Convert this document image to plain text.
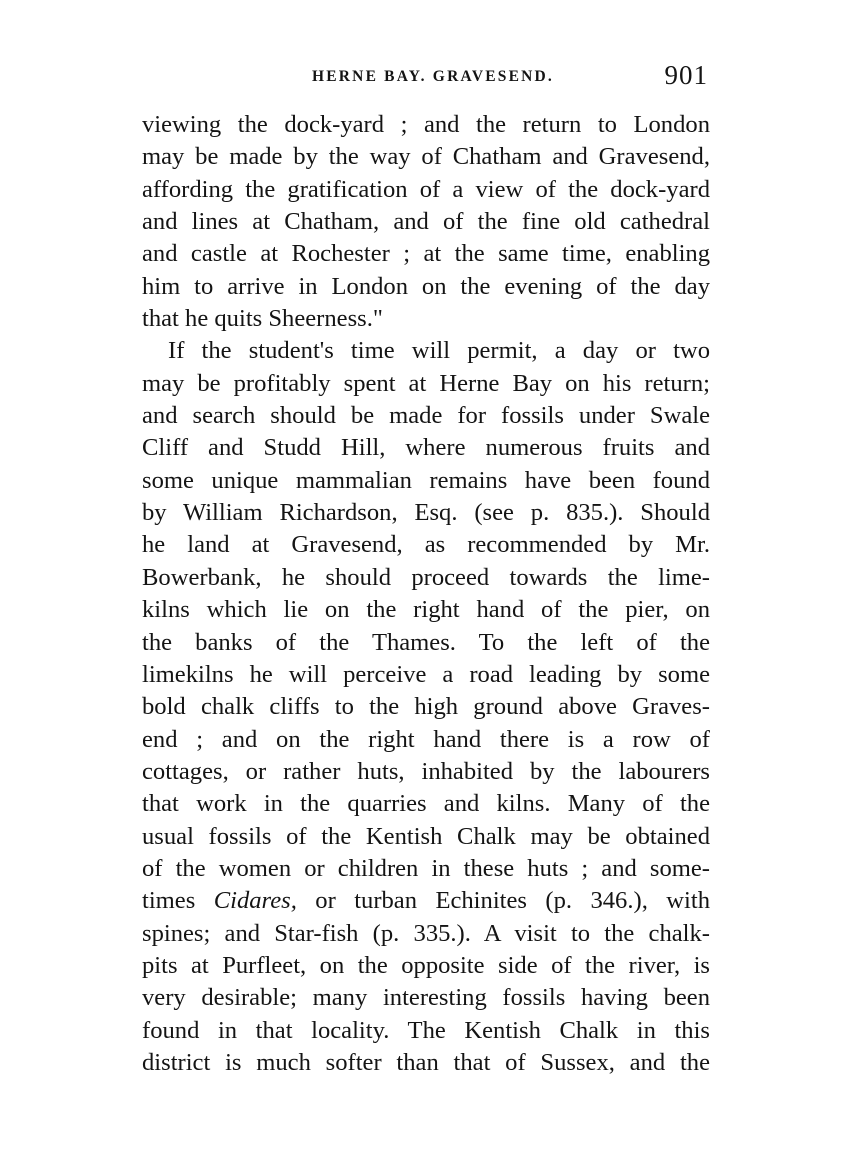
HERNE BAY. GRAVESEND.	901
viewing the dock-yard ; and the return to London
may be made by the way of Chatham and Gravesend,
affording the gratification of a view of the dock-yard
and lines at Chatham, and of the fine old cathedral
and castle at Rochester ; at the same time, enabling
him to arrive in London on the evening of the day
that he quits Sheerness."
If the student's time will permit, a day or two
may be profitably spent at Herne Bay on his return;
and search should be made for fossils under Swale
Cliff and Studd Hill, where numerous fruits and
some unique mammalian remains have been found
by William Richardson, Esq. (see p. 835.). Should
he land at Gravesend, as recommended by Mr.
Bowerbank, he should proceed towards the lime-
kilns which lie on the right hand of the pier, on
the banks of the Thames. To the left of the
limekilns he will perceive a road leading by some
bold chalk cliffs to the high ground above Graves-
end ; and on the right hand there is a row of
cottages, or rather huts, inhabited by the labourers
that work in the quarries and kilns. Many of the
usual fossils of the Kentish Chalk may be obtained
of the women or children in these huts ; and some-
times Cidares, or turban Echinites (p. 346.), with
spines; and Star-fish (p. 335.). A visit to the chalk-
pits at Purfleet, on the opposite side of the river, is
very desirable; many interesting fossils having been
found in that locality. The Kentish Chalk in this
district is much softer than that of Sussex, and the
